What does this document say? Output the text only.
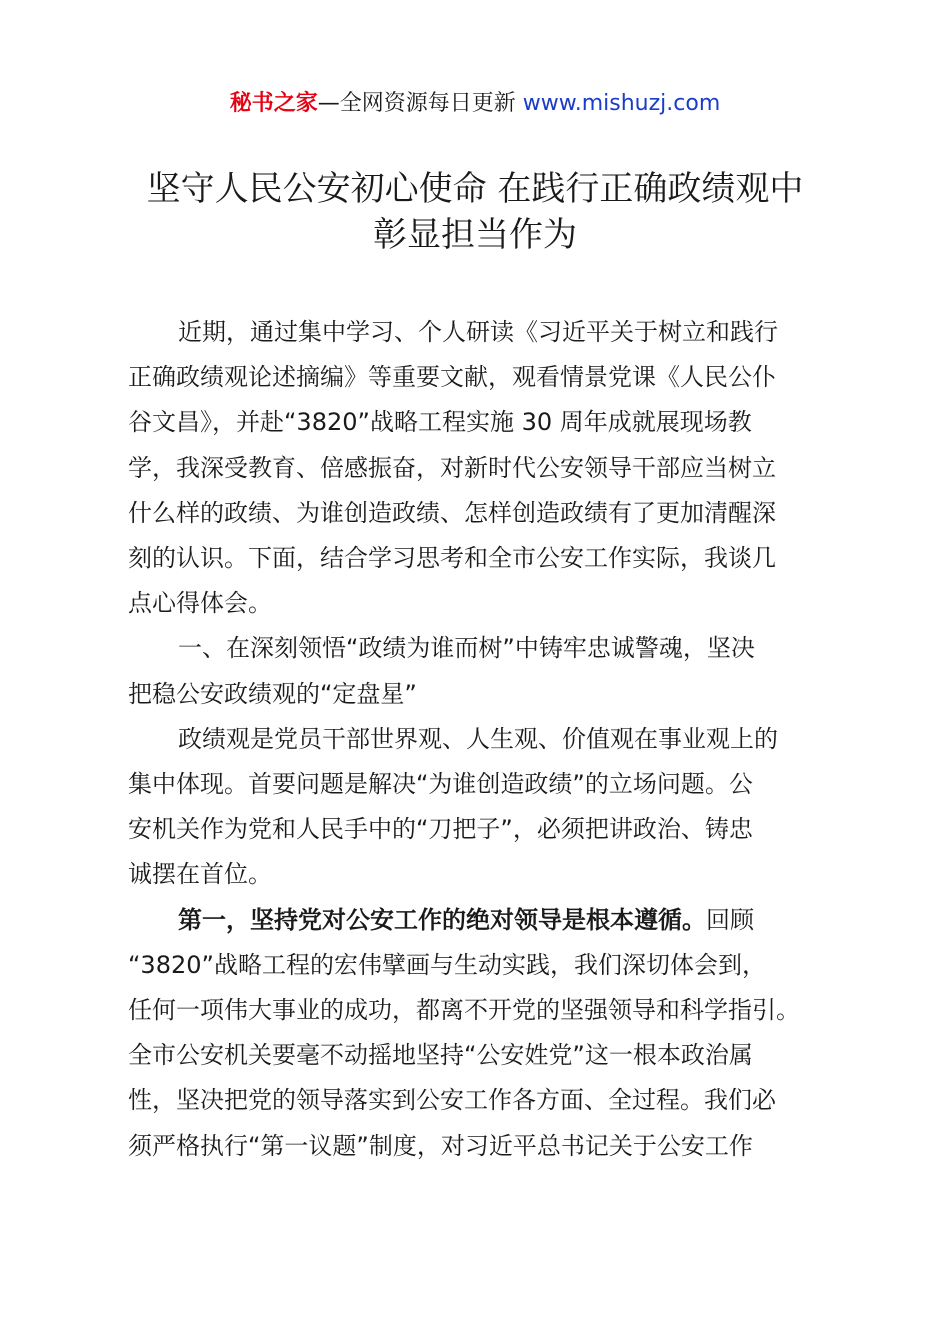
秘书之家—全网资源每日更新 www.mishuzj.com
坚守人民公安初心使命 在践行正确政绩观中
彰显担当作为

近期，通过集中学习、个人研读《习近平关于树立和践行
正确政绩观论述摘编》等重要文献，观看情景党课《人民公仆
谷文昌》，并赴“3820”战略工程实施 30 周年成就展现场教
学，我深受教育、倍感振奋，对新时代公安领导干部应当树立
什么样的政绩、为谁创造政绩、怎样创造政绩有了更加清醒深
刻的认识。下面，结合学习思考和全市公安工作实际，我谈几
点心得体会。

一、在深刻领悟“政绩为谁而树”中铸牢忠诚警魂，坚决
把稳公安政绩观的“定盘星”

政绩观是党员干部世界观、人生观、价值观在事业观上的
集中体现。首要问题是解决“为谁创造政绩”的立场问题。公
安机关作为党和人民手中的“刀把子”，必须把讲政治、铸忠
诚摆在首位。

第一，坚持党对公安工作的绝对领导是根本遵循。回顾
“3820”战略工程的宏伟擘画与生动实践，我们深切体会到，
任何一项伟大事业的成功，都离不开党的坚强领导和科学指引。
全市公安机关要毫不动摇地坚持“公安姓党”这一根本政治属
性，坚决把党的领导落实到公安工作各方面、全过程。我们必
须严格执行“第一议题”制度，对习近平总书记关于公安工作
